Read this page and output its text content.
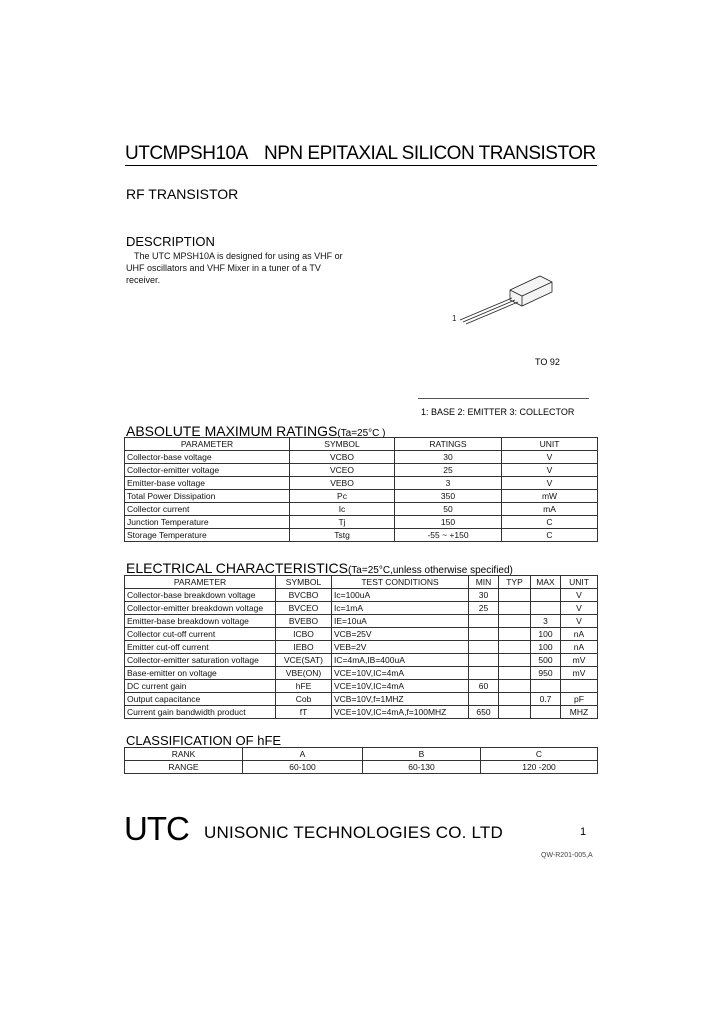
UTCMPSH10A NPN EPITAXIAL SILICON TRANSISTOR
RF TRANSISTOR
DESCRIPTION
The UTC MPSH10A is designed for using as VHF or UHF oscillators and VHF Mixer in a tuner of a TV receiver.
1
TO 92
1: BASE 2: EMITTER 3: COLLECTOR
ABSOLUTE MAXIMUM RATINGS(Ta=25°C )
PARAMETER	SYMBOL	RATINGS	UNIT
Collector-base voltage	VCBO	30	V
Collector-emitter voltage	VCEO	25	V
Emitter-base voltage	VEBO	3	V
Total Power Dissipation	Pc	350	mW
Collector current	Ic	50	mA
Junction Temperature	Tj	150	C
Storage Temperature	Tstg	-55 ~ +150	C
ELECTRICAL CHARACTERISTICS(Ta=25°C,unless otherwise specified)
PARAMETER	SYMBOL	TEST CONDITIONS	MIN	TYP	MAX	UNIT
Collector-base breakdown voltage	BVCBO	Ic=100uA	30			V
Collector-emitter breakdown voltage	BVCEO	Ic=1mA	25			V
Emitter-base breakdown voltage	BVEBO	IE=10uA			3	V
Collector cut-off current	ICBO	VCB=25V			100	nA
Emitter cut-off current	IEBO	VEB=2V			100	nA
Collector-emitter saturation voltage	VCE(SAT)	IC=4mA,IB=400uA			500	mV
Base-emitter on voltage	VBE(ON)	VCE=10V,IC=4mA			950	mV
DC current gain	hFE	VCE=10V,IC=4mA	60			
Output capacitance	Cob	VCB=10V,f=1MHZ			0.7	pF
Current gain bandwidth product	fT	VCE=10V,IC=4mA,f=100MHZ	650			MHZ
CLASSIFICATION OF hFE
RANK	A	B	C
RANGE	60-100	60-130	120 -200
UTC UNISONIC TECHNOLOGIES CO. LTD	1
QW-R201-005,A
